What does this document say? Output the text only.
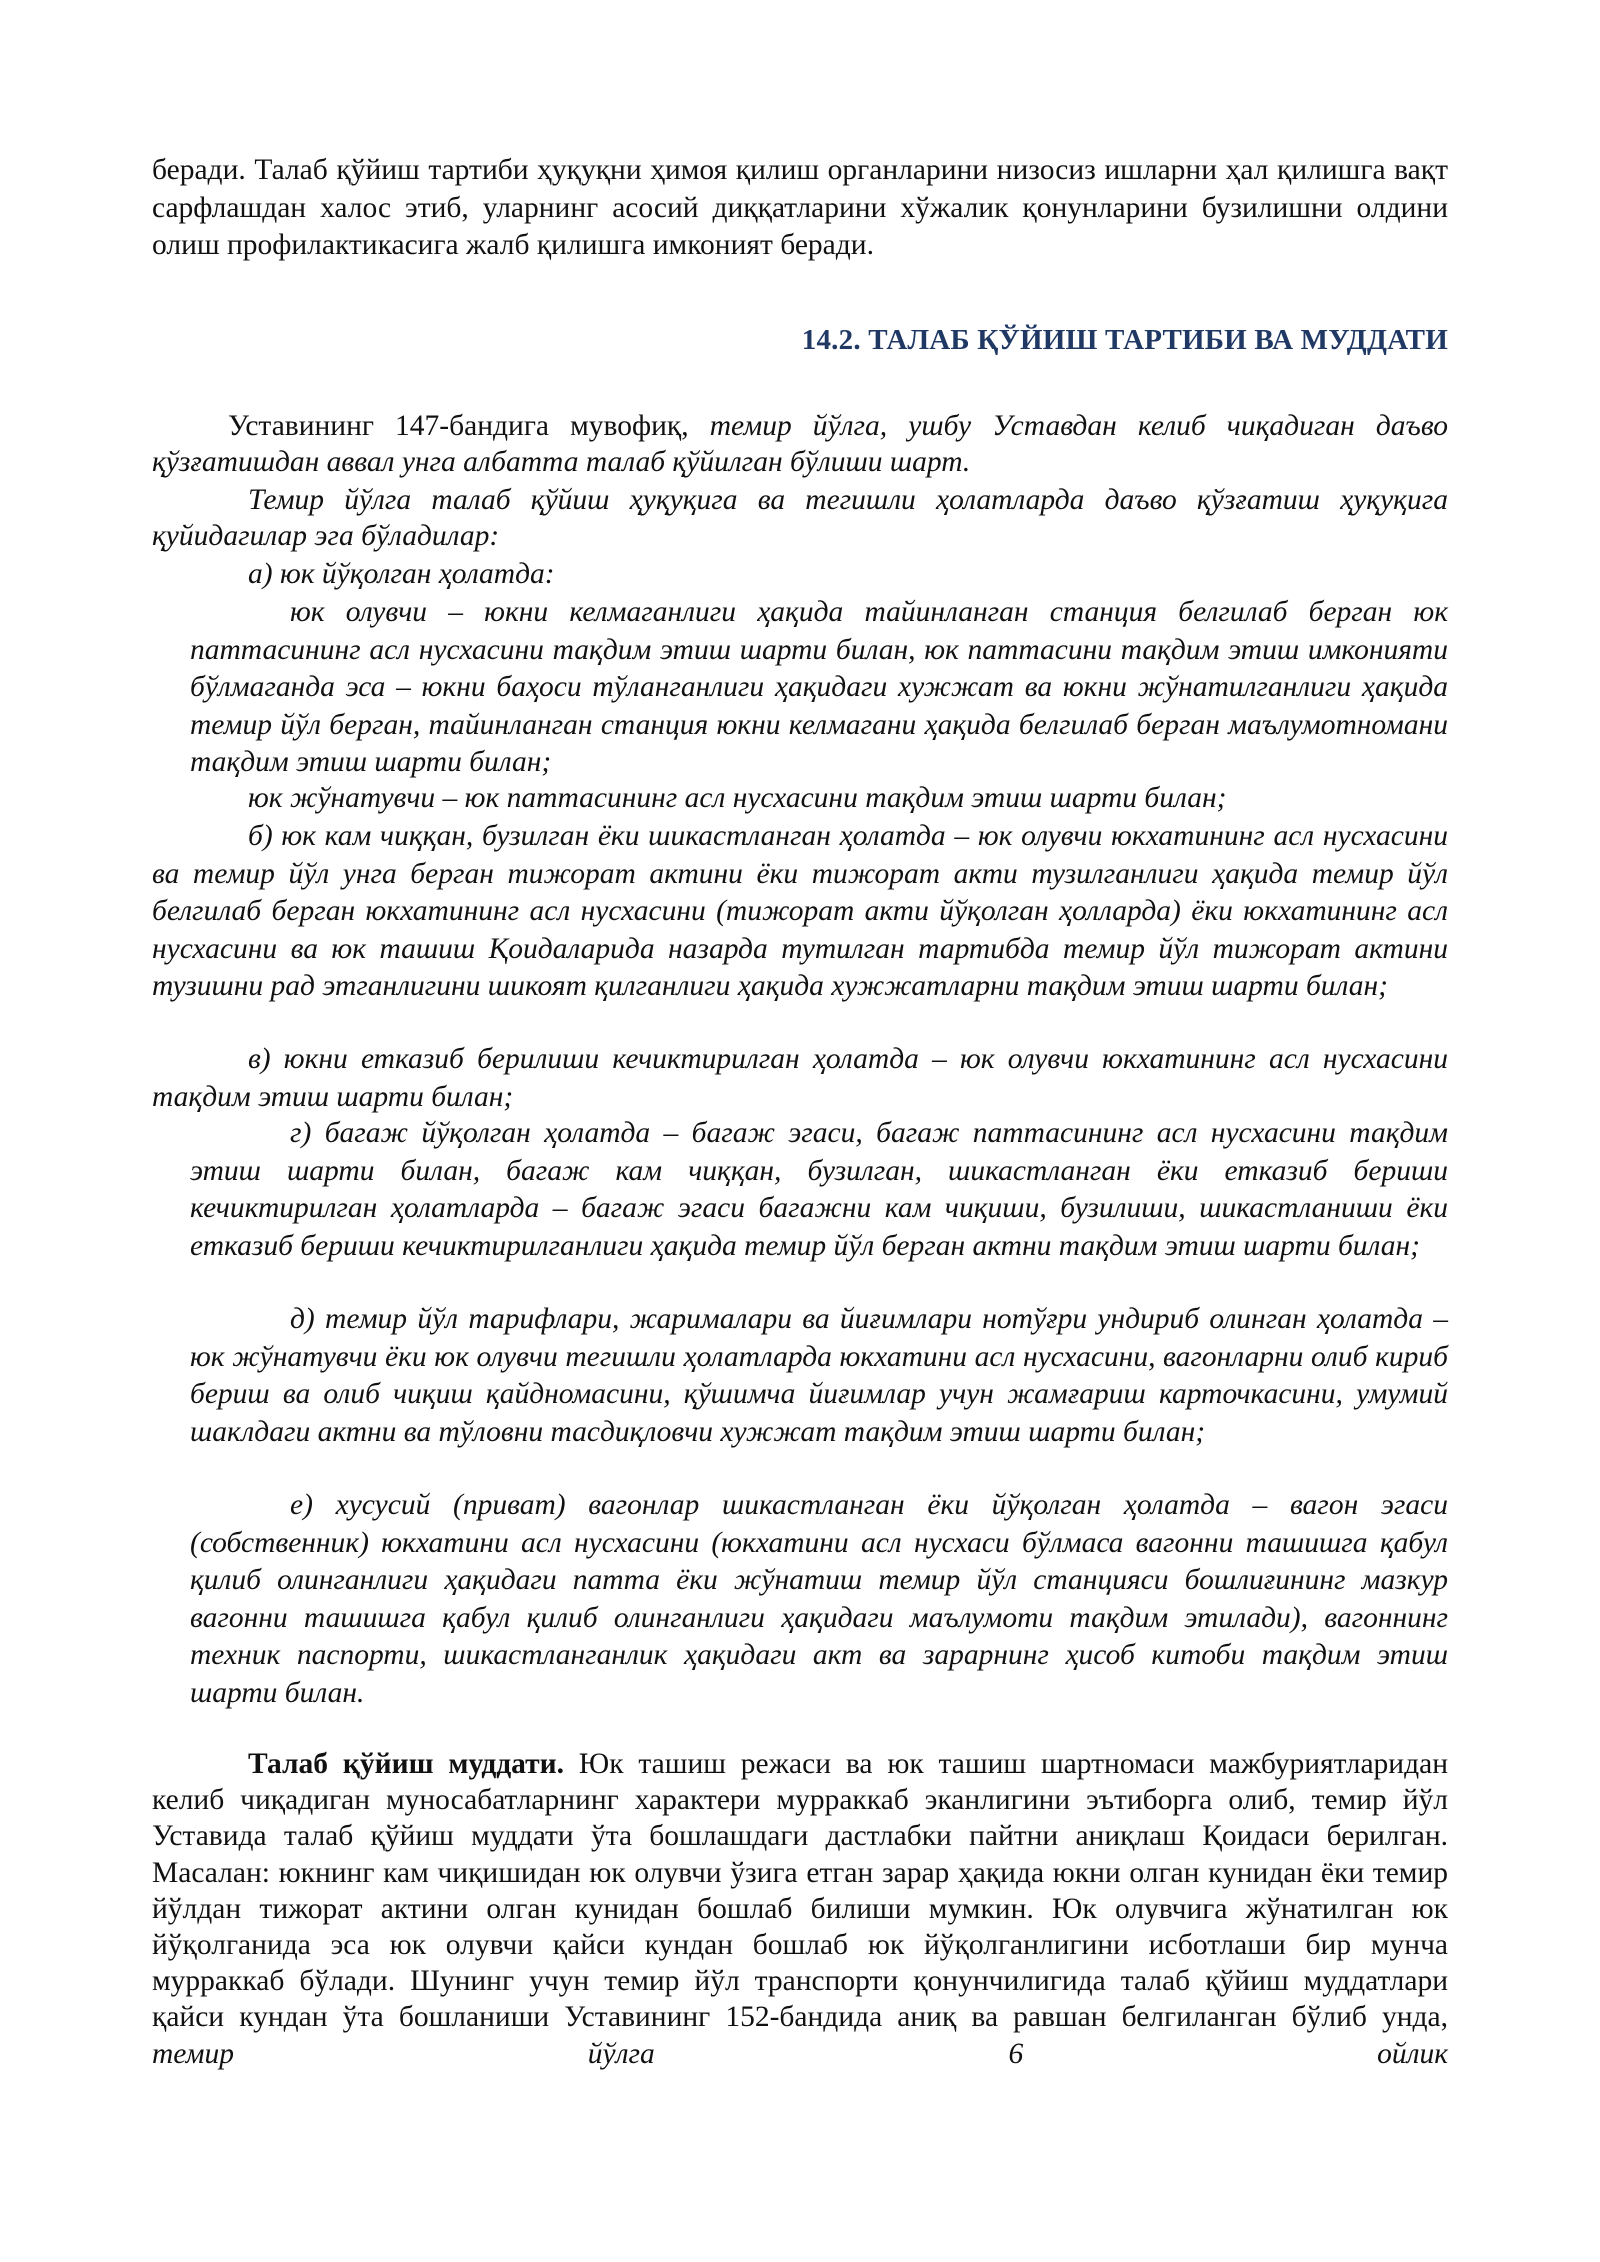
беради. Талаб қўйиш тартиби ҳуқуқни ҳимоя қилиш органларини низосиз ишларни ҳал қилишга вақт сарфлашдан халос этиб, уларнинг асосий диққатларини хўжалик қонунларини бузилишни олдини олиш профилактикасига жалб қилишга имконият беради.

14.2. ТАЛАБ ҚЎЙИШ ТАРТИБИ ВА МУДДАТИ

Уставининг 147-бандига мувофиқ, темир йўлга, ушбу Уставдан келиб чиқадиган даъво қўзғатишдан аввал унга албатта талаб қўйилган бўлиши шарт.

Темир йўлга талаб қўйиш ҳуқуқига ва тегишли ҳолатларда даъво қўзғатиш ҳуқуқига қуйидагилар эга бўладилар:

а) юк йўқолган ҳолатда:

юк олувчи – юкни келмаганлиги ҳақида тайинланган станция белгилаб берган юк паттасининг асл нусхасини тақдим этиш шарти билан, юк паттасини тақдим этиш имконияти бўлмаганда эса – юкни баҳоси тўланганлиги ҳақидаги хужжат ва юкни жўнатилганлиги ҳақида темир йўл берган, тайинланган станция юкни келмагани ҳақида белгилаб берган маълумотномани тақдим этиш шарти билан;

юк жўнатувчи – юк паттасининг асл нусхасини тақдим этиш шарти билан;

б) юк кам чиққан, бузилган ёки шикастланган ҳолатда – юк олувчи юкхатининг асл нусхасини ва темир йўл унга берган тижорат актини ёки тижорат акти тузилганлиги ҳақида темир йўл белгилаб берган юкхатининг асл нусхасини (тижорат акти йўқолган ҳолларда) ёки юкхатининг асл нусхасини ва юк ташиш Қоидаларида назарда тутилган тартибда темир йўл тижорат актини тузишни рад этганлигини шикоят қилганлиги ҳақида хужжатларни тақдим этиш шарти билан;

в) юкни етказиб берилиши кечиктирилган ҳолатда – юк олувчи юкхатининг асл нусхасини тақдим этиш шарти билан;

г) багаж йўқолган ҳолатда – багаж эгаси, багаж паттасининг асл нусхасини тақдим этиш шарти билан, багаж кам чиққан, бузилган, шикастланган ёки етказиб бериши кечиктирилган ҳолатларда – багаж эгаси багажни кам чиқиши, бузилиши, шикастланиши ёки етказиб бериши кечиктирилганлиги ҳақида темир йўл берган актни тақдим этиш шарти билан;

д) темир йўл тарифлари, жарималари ва йиғимлари нотўғри ундириб олинган ҳолатда – юк жўнатувчи ёки юк олувчи тегишли ҳолатларда юкхатини асл нусхасини, вагонларни олиб кириб бериш ва олиб чиқиш қайдномасини, қўшимча йиғимлар учун жамғариш карточкасини, умумий шаклдаги актни ва тўловни тасдиқловчи хужжат тақдим этиш шарти билан;

е) хусусий (приват) вагонлар шикастланган ёки йўқолган ҳолатда – вагон эгаси (собственник) юкхатини асл нусхасини (юкхатини асл нусхаси бўлмаса вагонни ташишга қабул қилиб олинганлиги ҳақидаги патта ёки жўнатиш темир йўл станцияси бошлиғининг мазкур вагонни ташишга қабул қилиб олинганлиги ҳақидаги маълумоти тақдим этилади), вагоннинг техник паспорти, шикастланганлик ҳақидаги акт ва зарарнинг ҳисоб китоби тақдим этиш шарти билан.

Талаб қўйиш муддати. Юк ташиш режаси ва юк ташиш шартномаси мажбуриятларидан келиб чиқадиган муносабатларнинг характери мурраккаб эканлигини эътиборга олиб, темир йўл Уставида талаб қўйиш муддати ўта бошлашдаги дастлабки пайтни аниқлаш Қоидаси берилган. Масалан: юкнинг кам чиқишидан юк олувчи ўзига етган зарар ҳақида юкни олган кунидан ёки темир йўлдан тижорат актини олган кунидан бошлаб билиши мумкин. Юк олувчига жўнатилган юк йўқолганида эса юк олувчи қайси кундан бошлаб юк йўқолганлигини исботлаши бир мунча мурраккаб бўлади. Шунинг учун темир йўл транспорти қонунчилигида талаб қўйиш муддатлари қайси кундан ўта бошланиши Уставининг 152-бандида аниқ ва равшан белгиланган бўлиб унда, темир йўлга 6 ойлик
